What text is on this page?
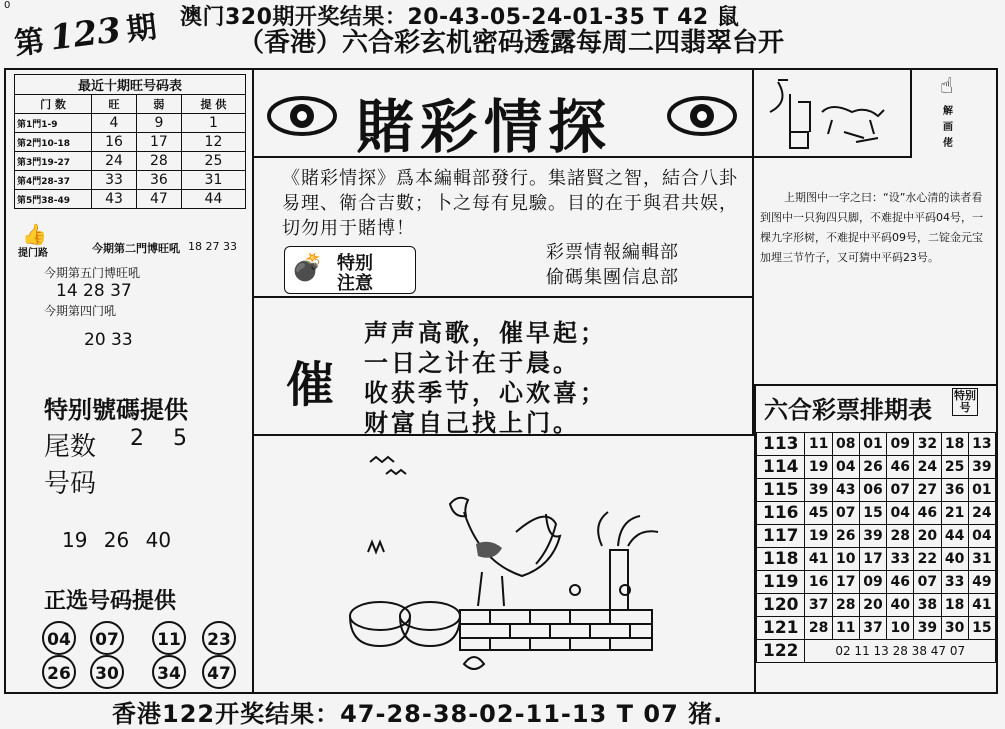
第123期 澳门320期开奖结果：20-43-05-24-01-35 T 42 鼠
（香港）六合彩玄机密码透露每周二四翡翠台开
0
最近十期旺号码表
门 数	旺	弱	提 供
第1門1-9	4	9	1
第2門10-18	16	17	12
第3門19-27	24	28	25
第4門28-37	33	36	31
第5門38-49	43	47	44
👍
提门路	今期第二門博旺吼 18 27 33
今期第五门博旺吼
14 28 37
今期第四门吼
20 33
特别號碼提供
尾数 2 5
号码
19 26 40
正选号码提供
04	07	11	23
26	30	34	47
賭彩情探
《賭彩情探》爲本編輯部發行。集諸賢之智，結合八卦易理、衛合吉數；卜之每有見驗。目的在于與君共娱，切勿用于賭博！
💣 特别
注意
彩票情報編輯部
偷碼集團信息部
催
声声高歌，催早起；
一日之计在于晨。
收获季节，心欢喜；
财富自己找上门。
☝
解
画
佬
上期图中一字之曰：“设”水心清的读者看到图中一只狗四只脚，不难捉中平码04号，一棵九字形树，不难捉中平码09号，二锭金元宝加埋三节竹子，又可猜中平码23号。
六合彩票排期表
特别号
113	11	08	01	09	32	18	13
114	19	04	26	46	24	25	39
115	39	43	06	07	27	36	01
116	45	07	15	04	46	21	24
117	19	26	39	28	20	44	04
118	41	10	17	33	22	40	31
119	16	17	09	46	07	33	49
120	37	28	20	40	38	18	41
121	28	11	37	10	39	30	15
122	02 11 13 28 38 47 07						
香港122开奖结果：47-28-38-02-11-13 T 07 猪.
